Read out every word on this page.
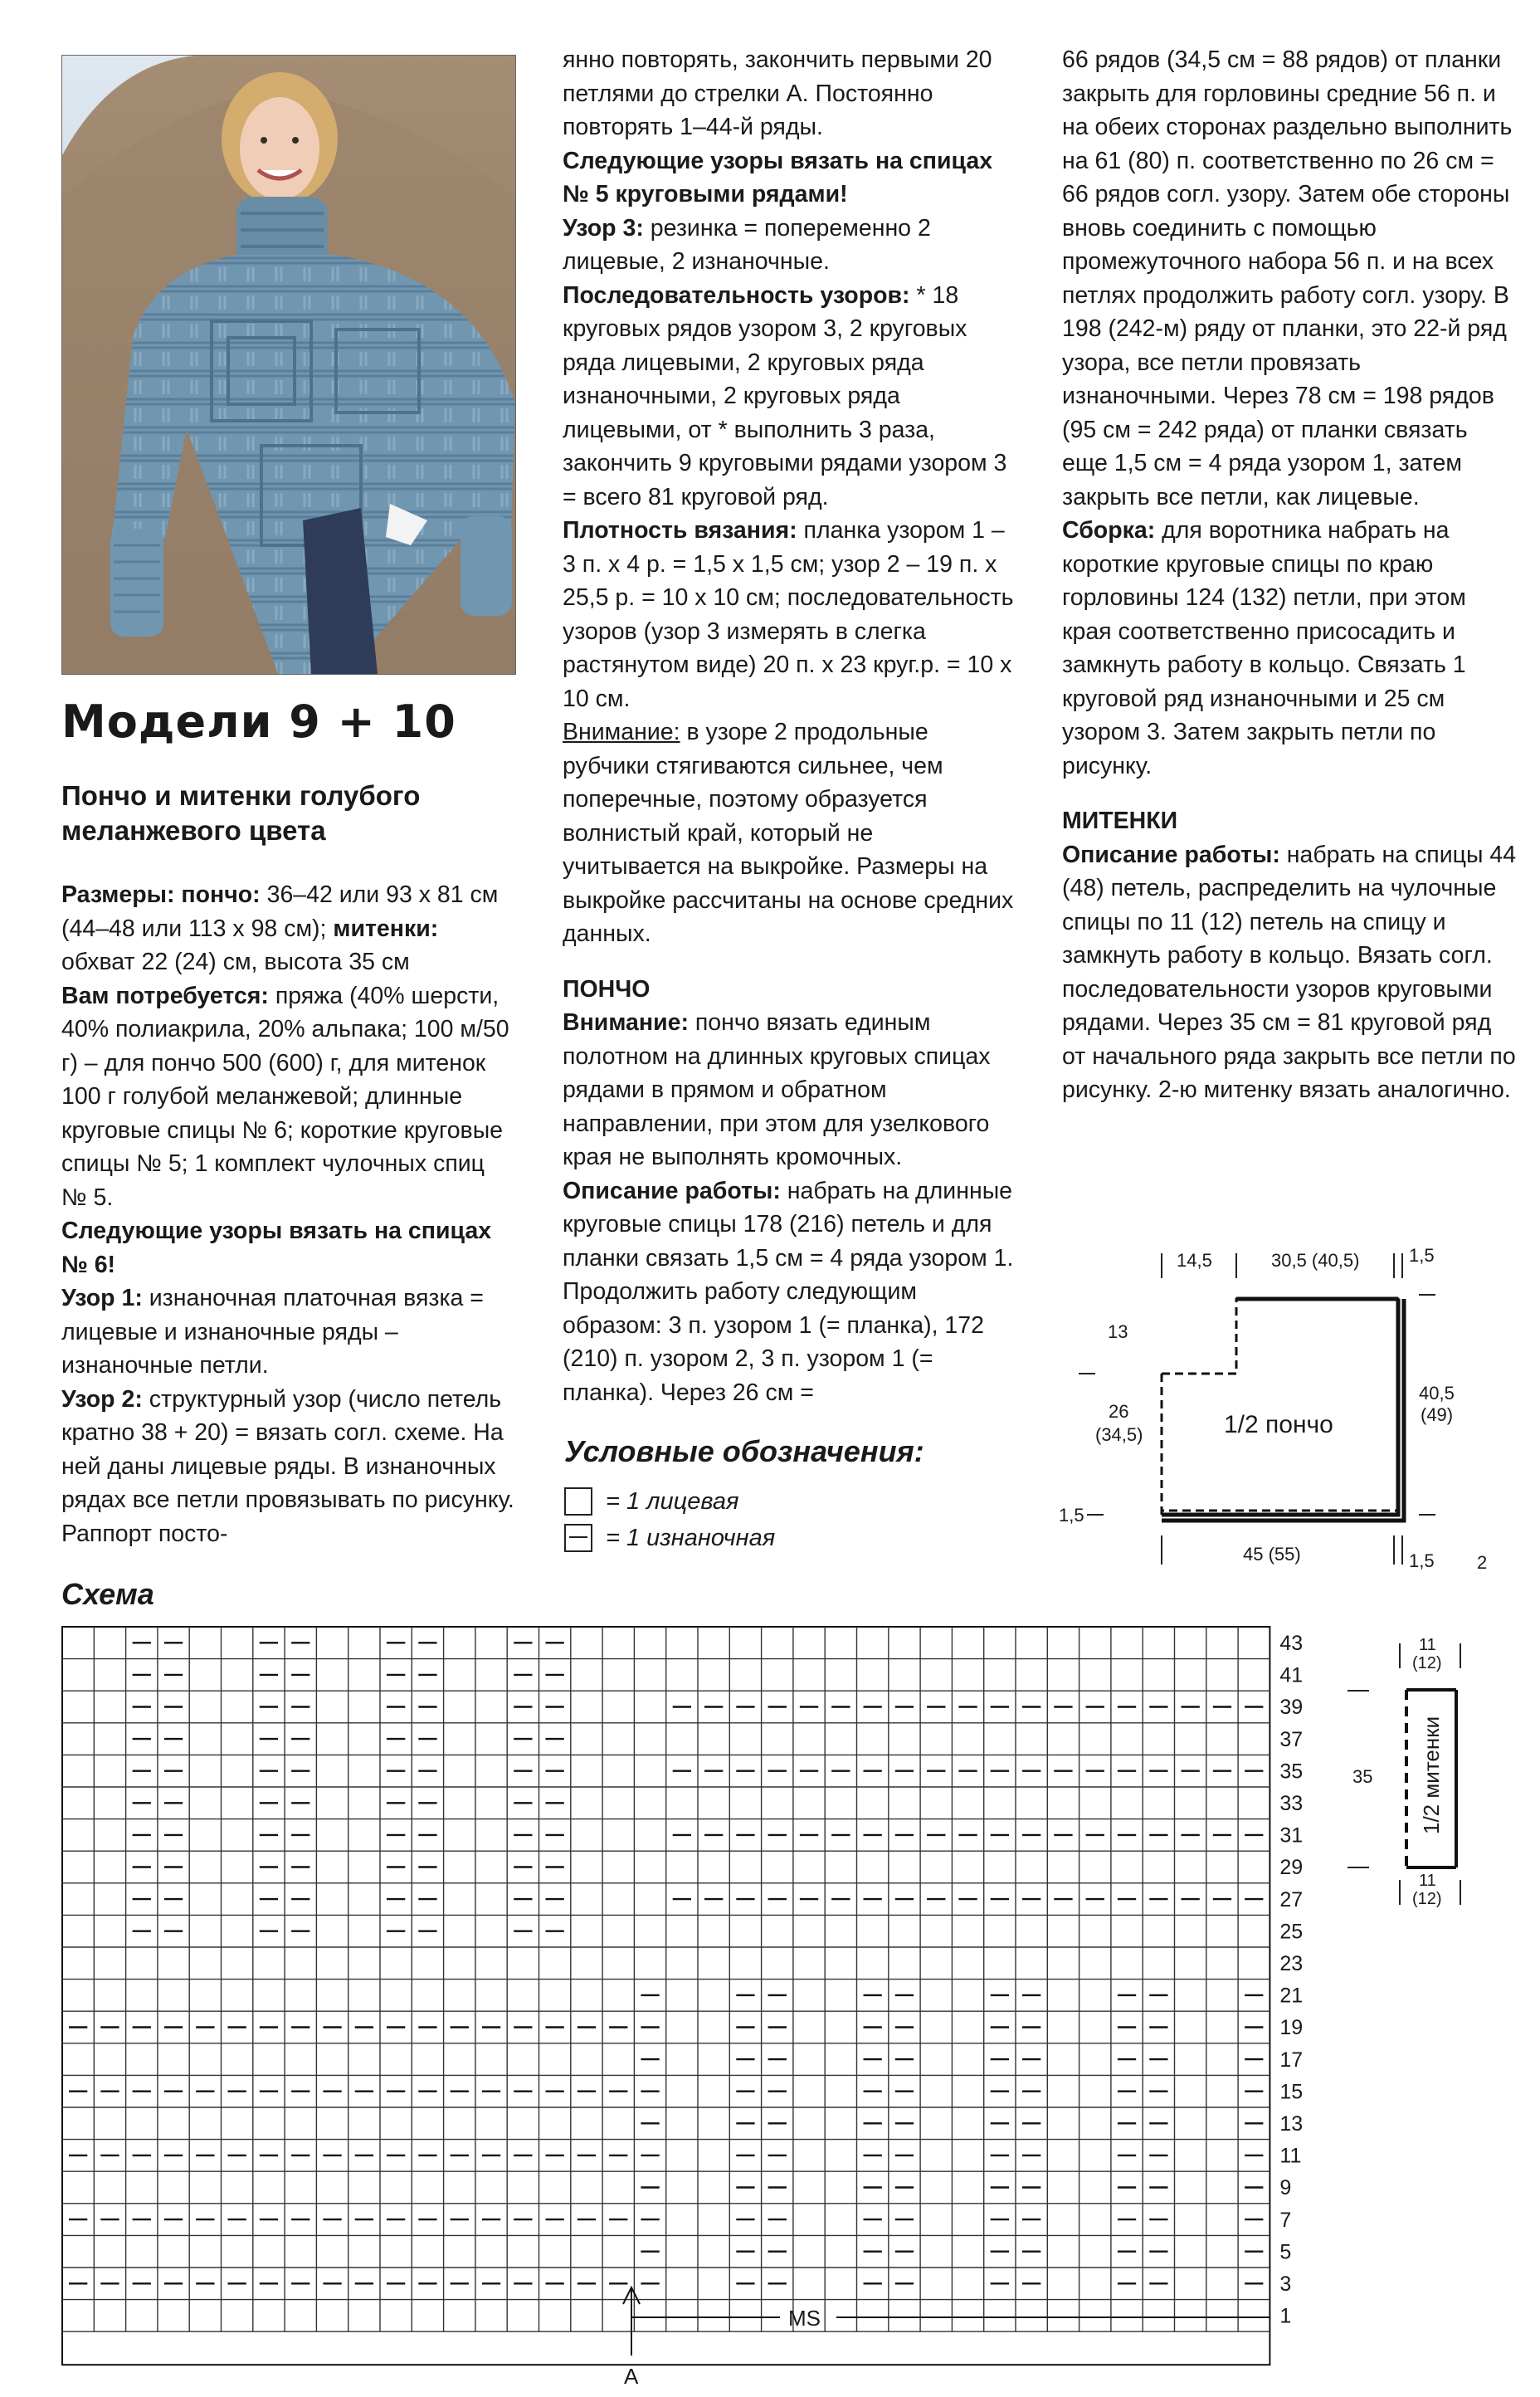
Модели 9 + 10
Пончо и митенки голубого
меланжевого цвета

Размеры: пончо: 36–42 или 93 х 81 см (44–48 или 113 х 98 см); митенки: обхват 22 (24) см, высота 35 см

Вам потребуется: пряжа (40% шерсти, 40% полиакрила, 20% альпака; 100 м/50 г) – для пончо 500 (600) г, для митенок 100 г голубой меланжевой; длинные круговые спицы № 6; короткие круговые спицы № 5; 1 комплект чулочных спиц № 5.

Следующие узоры вязать на спицах № 6!

Узор 1: изнаночная платочная вязка = лицевые и изнаночные ряды – изнаночные петли.

Узор 2: структурный узор (число петель кратно 38 + 20) = вязать согл. схеме. На ней даны лицевые ряды. В изнаночных рядах все петли провязывать по рисунку. Раппорт посто-

янно повторять, закончить первыми 20 петлями до стрелки А. Постоянно повторять 1–44-й ряды.

Следующие узоры вязать на спицах № 5 круговыми рядами!

Узор 3: резинка = попеременно 2 лицевые, 2 изнаночные.

Последовательность узоров: * 18 круговых рядов узором 3, 2 круговых ряда лицевыми, 2 круговых ряда изнаночными, 2 круговых ряда лицевыми, от * выполнить 3 раза, закончить 9 круговыми рядами узором 3 = всего 81 круговой ряд.

Плотность вязания: планка узором 1 – 3 п. х 4 р. = 1,5 х 1,5 см; узор 2 – 19 п. х 25,5 р. = 10 х 10 см; последовательность узоров (узор 3 измерять в слегка растянутом виде) 20 п. х 23 круг.р. = 10 х 10 см.

Внимание: в узоре 2 продольные рубчики стягиваются сильнее, чем поперечные, поэтому образуется волнистый край, который не учитывается на выкройке. Размеры на выкройке рассчитаны на основе средних данных.

ПОНЧО

Внимание: пончо вязать единым полотном на длинных круговых спицах рядами в прямом и обратном направлении, при этом для узелкового края не выполнять кромочных.

Описание работы: набрать на длинные круговые спицы 178 (216) петель и для планки связать 1,5 см = 4 ряда узором 1. Продолжить работу следующим образом: 3 п. узором 1 (= планка), 172 (210) п. узором 2, 3 п. узором 1 (= планка). Через 26 см =

66 рядов (34,5 см = 88 рядов) от планки закрыть для горловины средние 56 п. и на обеих сторонах раздельно выполнить на 61 (80) п. соответственно по 26 см = 66 рядов согл. узору. Затем обе стороны вновь соединить с помощью промежуточного набора 56 п. и на всех петлях продолжить работу согл. узору. В 198 (242-м) ряду от планки, это 22-й ряд узора, все петли провязать изнаночными. Через 78 см = 198 рядов (95 см = 242 ряда) от планки связать еще 1,5 см = 4 ряда узором 1, затем закрыть все петли, как лицевые.

Сборка: для воротника набрать на короткие круговые спицы по краю горловины 124 (132) петли, при этом края соответственно присосадить и замкнуть работу в кольцо. Связать 1 круговой ряд изнаночными и 25 см узором 3. Затем закрыть петли по рисунку.

МИТЕНКИ

Описание работы: набрать на спицы 44 (48) петель, распределить на чулочные спицы по 11 (12) петель на спицу и замкнуть работу в кольцо. Вязать согл. последовательности узоров круговыми рядами. Через 35 см = 81 круговой ряд от начального ряда закрыть все петли по рисунку. 2-ю митенку вязать аналогично.

Условные обозначения:
= 1 лицевая
= 1 изнаночная
14,5	30,5 (40,5)	1,5
13
26
(34,5)
1,5
40,5
(49)
1/2 пончо
45 (55)	1,5 2
Схема
43
41
39
37
35
33
31
29
27
25
23
21
19
17
15
13
11
9
7
5
3
1
A
MS
11
(12)
35 1/2 митенки
11
(12)
